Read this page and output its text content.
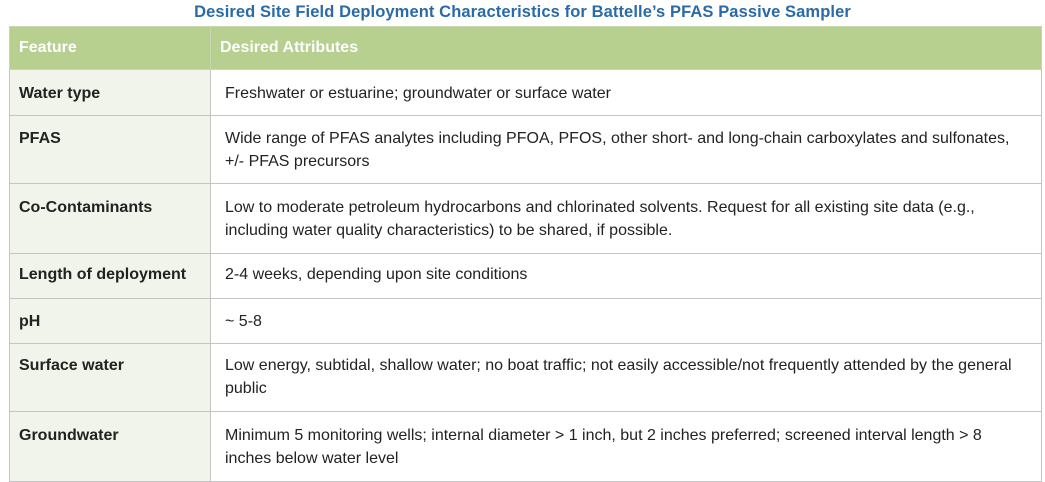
Desired Site Field Deployment Characteristics for Battelle’s PFAS Passive Sampler
Feature	Desired Attributes
Water type	Freshwater or estuarine; groundwater or surface water
PFAS	Wide range of PFAS analytes including PFOA, PFOS, other short- and long-chain carboxylates and sulfonates, +/- PFAS precursors
Co-Contaminants	Low to moderate petroleum hydrocarbons and chlorinated solvents. Request for all existing site data (e.g., including water quality characteristics) to be shared, if possible.
Length of deployment	2-4 weeks, depending upon site conditions
pH	~ 5-8
Surface water	Low energy, subtidal, shallow water; no boat traffic; not easily accessible/not frequently attended by the general public
Groundwater	Minimum 5 monitoring wells; internal diameter > 1 inch, but 2 inches preferred; screened interval length > 8 inches below water level
